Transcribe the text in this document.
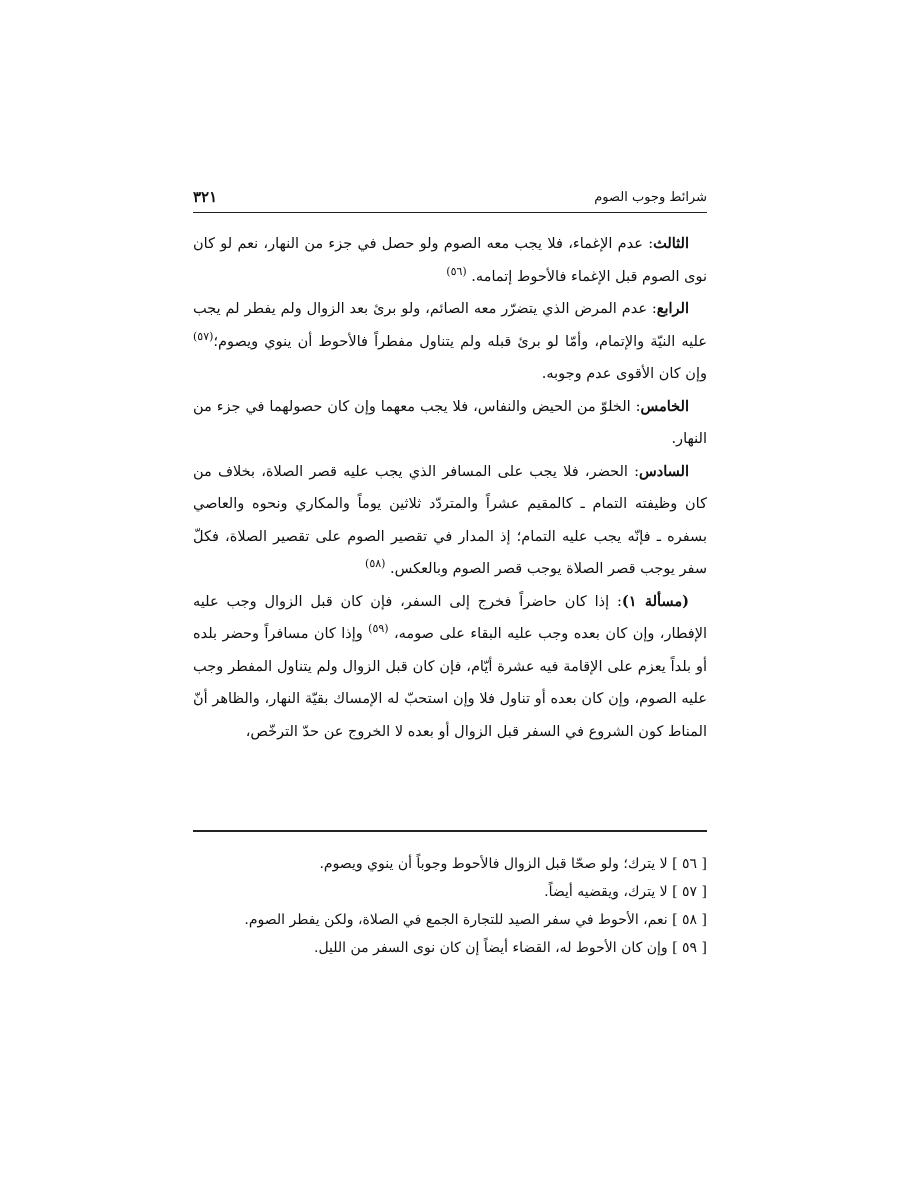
شرائط وجوب الصوم
٣٢١

الثالث: عدم الإغماء، فلا يجب معه الصوم ولو حصل في جزء من النهار، نعم لو كان نوى الصوم قبل الإغماء فالأحوط إتمامه. $^{(٥٦)}$

الرابع: عدم المرض الذي يتضرّر معه الصائم، ولو برئ بعد الزوال ولم يفطر لم يجب عليه النيّة والإتمام، وأمّا لو برئ قبله ولم يتناول مفطراً فالأحوط أن ينوي ويصوم؛$^{(٥٧)}$ وإن كان الأقوى عدم وجوبه.

الخامس: الخلوّ من الحيض والنفاس، فلا يجب معهما وإن كان حصولهما في جزء من النهار.

السادس: الحضر، فلا يجب على المسافر الذي يجب عليه قصر الصلاة، بخلاف من كان وظيفته التمام ـ كالمقيم عشراً والمتردّد ثلاثين يوماً والمكاري ونحوه والعاصي بسفره ـ فإنّه يجب عليه التمام؛ إذ المدار في تقصير الصوم على تقصير الصلاة، فكلّ سفر يوجب قصر الصلاة يوجب قصر الصوم وبالعكس. $^{(٥٨)}$

(مسألة ١): إذا كان حاضراً فخرج إلى السفر، فإن كان قبل الزوال وجب عليه الإفطار، وإن كان بعده وجب عليه البقاء على صومه، $^{(٥٩)}$ وإذا كان مسافراً وحضر بلده أو بلداً يعزم على الإقامة فيه عشرة أيّام، فإن كان قبل الزوال ولم يتناول المفطر وجب عليه الصوم، وإن كان بعده أو تناول فلا وإن استحبّ له الإمساك بقيّة النهار، والظاهر أنّ المناط كون الشروع في السفر قبل الزوال أو بعده لا الخروج عن حدّ الترخّص،

[ ٥٦ ] لا يترك؛ ولو صحّا قبل الزوال فالأحوط وجوباً أن ينوي ويصوم.
[ ٥٧ ] لا يترك، ويقضيه أيضاً.
[ ٥٨ ] نعم، الأحوط في سفر الصيد للتجارة الجمع في الصلاة، ولكن يفطر الصوم.
[ ٥٩ ] وإن كان الأحوط له، القضاء أيضاً إن كان نوى السفر من الليل.
